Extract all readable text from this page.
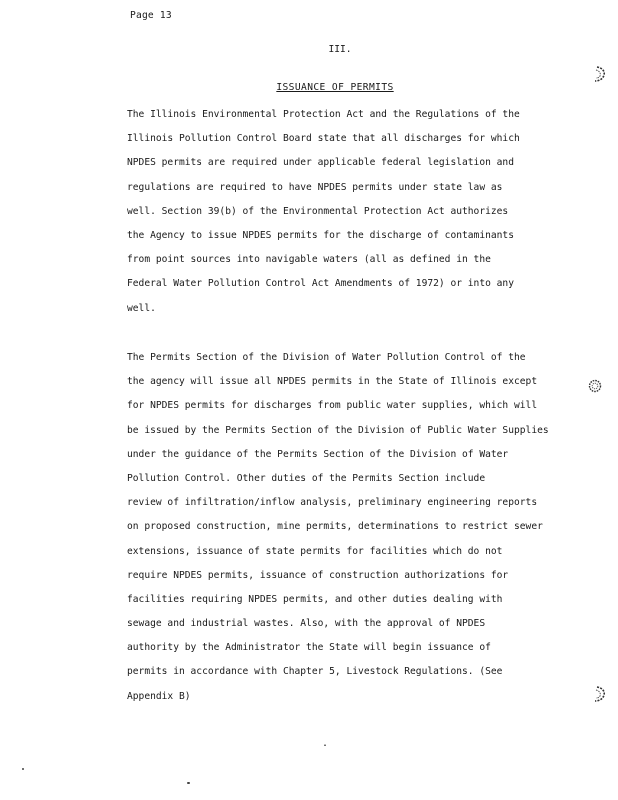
Page 13
III.
ISSUANCE OF PERMITS
The Illinois Environmental Protection Act and the Regulations of the
Illinois Pollution Control Board state that all discharges for which
NPDES permits are required under applicable federal legislation and
regulations are required to have NPDES permits under state law as
well. Section 39(b) of the Environmental Protection Act authorizes
the Agency to issue NPDES permits for the discharge of contaminants
from point sources into navigable waters (all as defined in the
Federal Water Pollution Control Act Amendments of 1972) or into any
well.
The Permits Section of the Division of Water Pollution Control of the
the agency will issue all NPDES permits in the State of Illinois except
for NPDES permits for discharges from public water supplies, which will
be issued by the Permits Section of the Division of Public Water Supplies
under the guidance of the Permits Section of the Division of Water
Pollution Control. Other duties of the Permits Section include
review of infiltration/inflow analysis, preliminary engineering reports
on proposed construction, mine permits, determinations to restrict sewer
extensions, issuance of state permits for facilities which do not
require NPDES permits, issuance of construction authorizations for
facilities requiring NPDES permits, and other duties dealing with
sewage and industrial wastes. Also, with the approval of NPDES
authority by the Administrator the State will begin issuance of
permits in accordance with Chapter 5, Livestock Regulations. (See
Appendix B)
.
